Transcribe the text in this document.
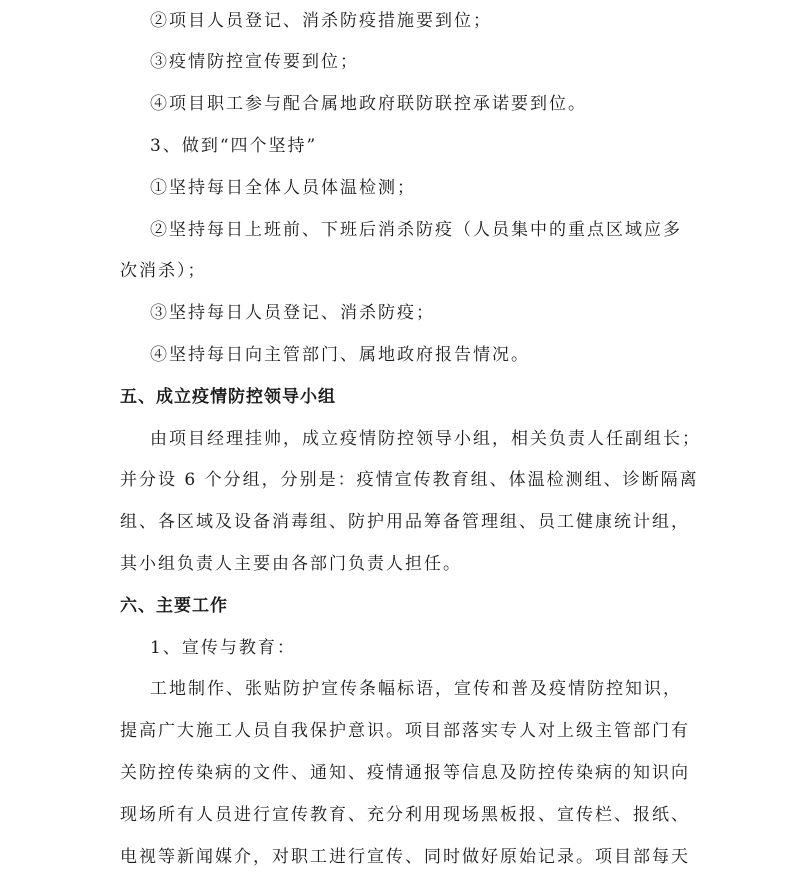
②项目人员登记、消杀防疫措施要到位；

③疫情防控宣传要到位；

④项目职工参与配合属地政府联防联控承诺要到位。

3、做到“四个坚持”

①坚持每日全体人员体温检测；

②坚持每日上班前、下班后消杀防疫（人员集中的重点区域应多

次消杀）；

③坚持每日人员登记、消杀防疫；

④坚持每日向主管部门、属地政府报告情况。

五、成立疫情防控领导小组

由项目经理挂帅，成立疫情防控领导小组，相关负责人任副组长；

并分设 6 个分组，分别是：疫情宣传教育组、体温检测组、诊断隔离

组、各区域及设备消毒组、防护用品筹备管理组、员工健康统计组，

其小组负责人主要由各部门负责人担任。

六、主要工作

1、宣传与教育：

工地制作、张贴防护宣传条幅标语，宣传和普及疫情防控知识，

提高广大施工人员自我保护意识。项目部落实专人对上级主管部门有

关防控传染病的文件、通知、疫情通报等信息及防控传染病的知识向

现场所有人员进行宣传教育、充分利用现场黑板报、宣传栏、报纸、

电视等新闻媒介，对职工进行宣传、同时做好原始记录。项目部每天
